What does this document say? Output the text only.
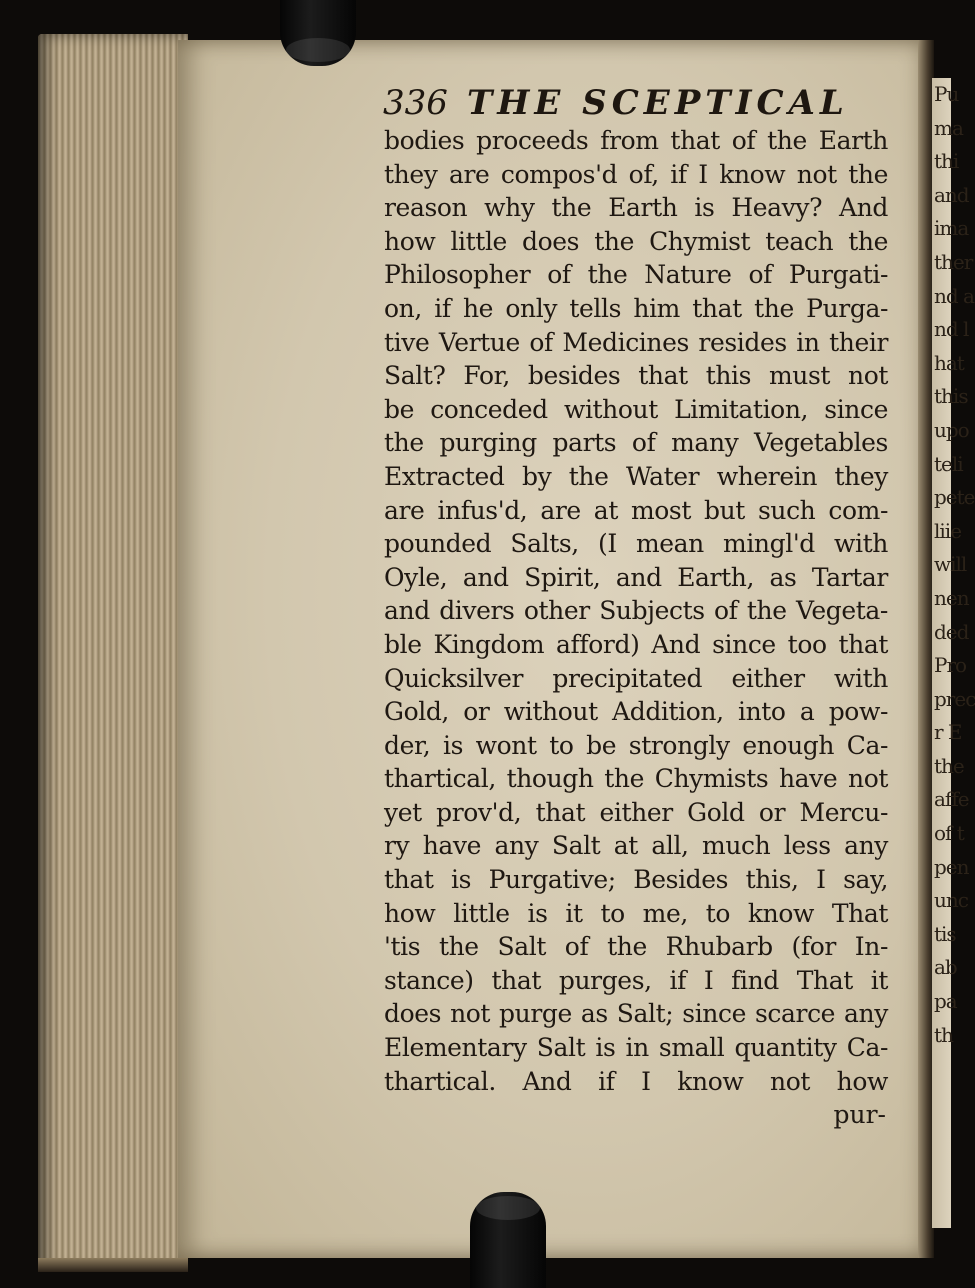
Pu
ma
thi
and
ima
ther
nd a
nd l
hat
this
upo
teli
pete
liie
will
nen
ded
Pro
prec
r E
the
affe
of t
pen
unc
tis
ab
pa
th

336 THE SCEPTICAL
bodies proceeds from that of the Earth
they are compos'd of, if I know not the
reason why the Earth is Heavy? And
how little does the Chymist teach the
Philosopher of the Nature of Purgati-
on, if he only tells him that the Purga-
tive Vertue of Medicines resides in their
Salt? For, besides that this must not
be conceded without Limitation, since
the purging parts of many Vegetables
Extracted by the Water wherein they
are infus'd, are at most but such com-
pounded Salts, (I mean mingl'd with
Oyle, and Spirit, and Earth, as Tartar
and divers other Subjects of the Vegeta-
ble Kingdom afford) And since too that
Quicksilver precipitated either with
Gold, or without Addition, into a pow-
der, is wont to be strongly enough Ca-
thartical, though the Chymists have not
yet prov'd, that either Gold or Mercu-
ry have any Salt at all, much less any
that is Purgative; Besides this, I say,
how little is it to me, to know That
'tis the Salt of the Rhubarb (for In-
stance) that purges, if I find That it
does not purge as Salt; since scarce any
Elementary Salt is in small quantity Ca-
thartical. And if I know not how
pur-
